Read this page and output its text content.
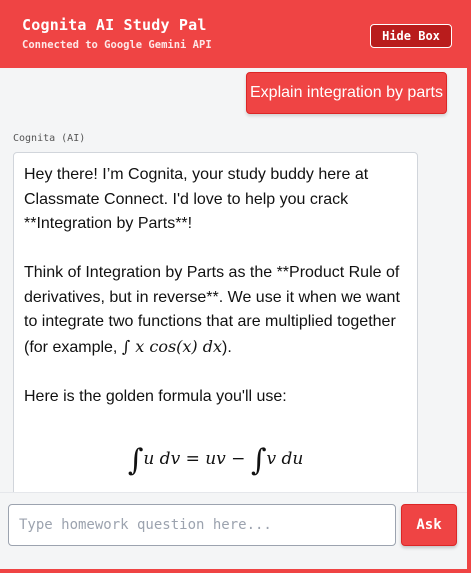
Cognita AI Study Pal
Connected to Google Gemini API
Hide Box
Explain integration by parts
Cognita (AI)

Hey there! I’m Cognita, your study buddy here at Classmate Connect. I'd love to help you crack **Integration by Parts**!

Think of Integration by Parts as the **Product Rule of derivatives, but in reverse**. We use it when we want to integrate two functions that are multiplied together (for example, ∫ x cos(x) dx).

Here is the golden formula you'll use:

∫u dv = uv − ∫v du
Type homework question here...
Ask
